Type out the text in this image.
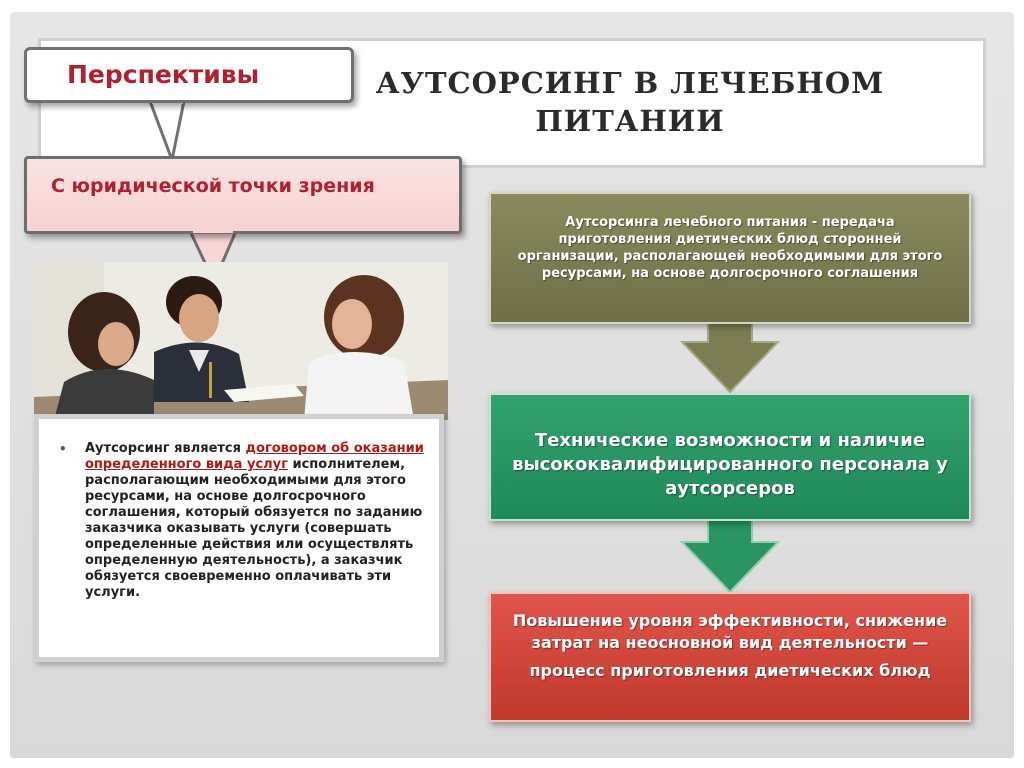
АУТСОРСИНГ В ЛЕЧЕБНОМ ПИТАНИИ
Перспективы
С юридической точки зрения
• Аутсорсинг является договором об оказании определенного вида услуг исполнителем, располагающим необходимыми для этого ресурсами, на основе долгосрочного соглашения, который обязуется по заданию заказчика оказывать услуги (совершать определенные действия или осуществлять определенную деятельность), а заказчик обязуется своевременно оплачивать эти услуги.
Аутсорсинга лечебного питания - передача приготовления диетических блюд сторонней организации, располагающей необходимыми для этого ресурсами, на основе долгосрочного соглашения
Технические возможности и наличие высококвалифицированного персонала у аутсорсеров
Повышение уровня эффективности, снижение затрат на неосновной вид деятельности —
процесс приготовления диетических блюд
